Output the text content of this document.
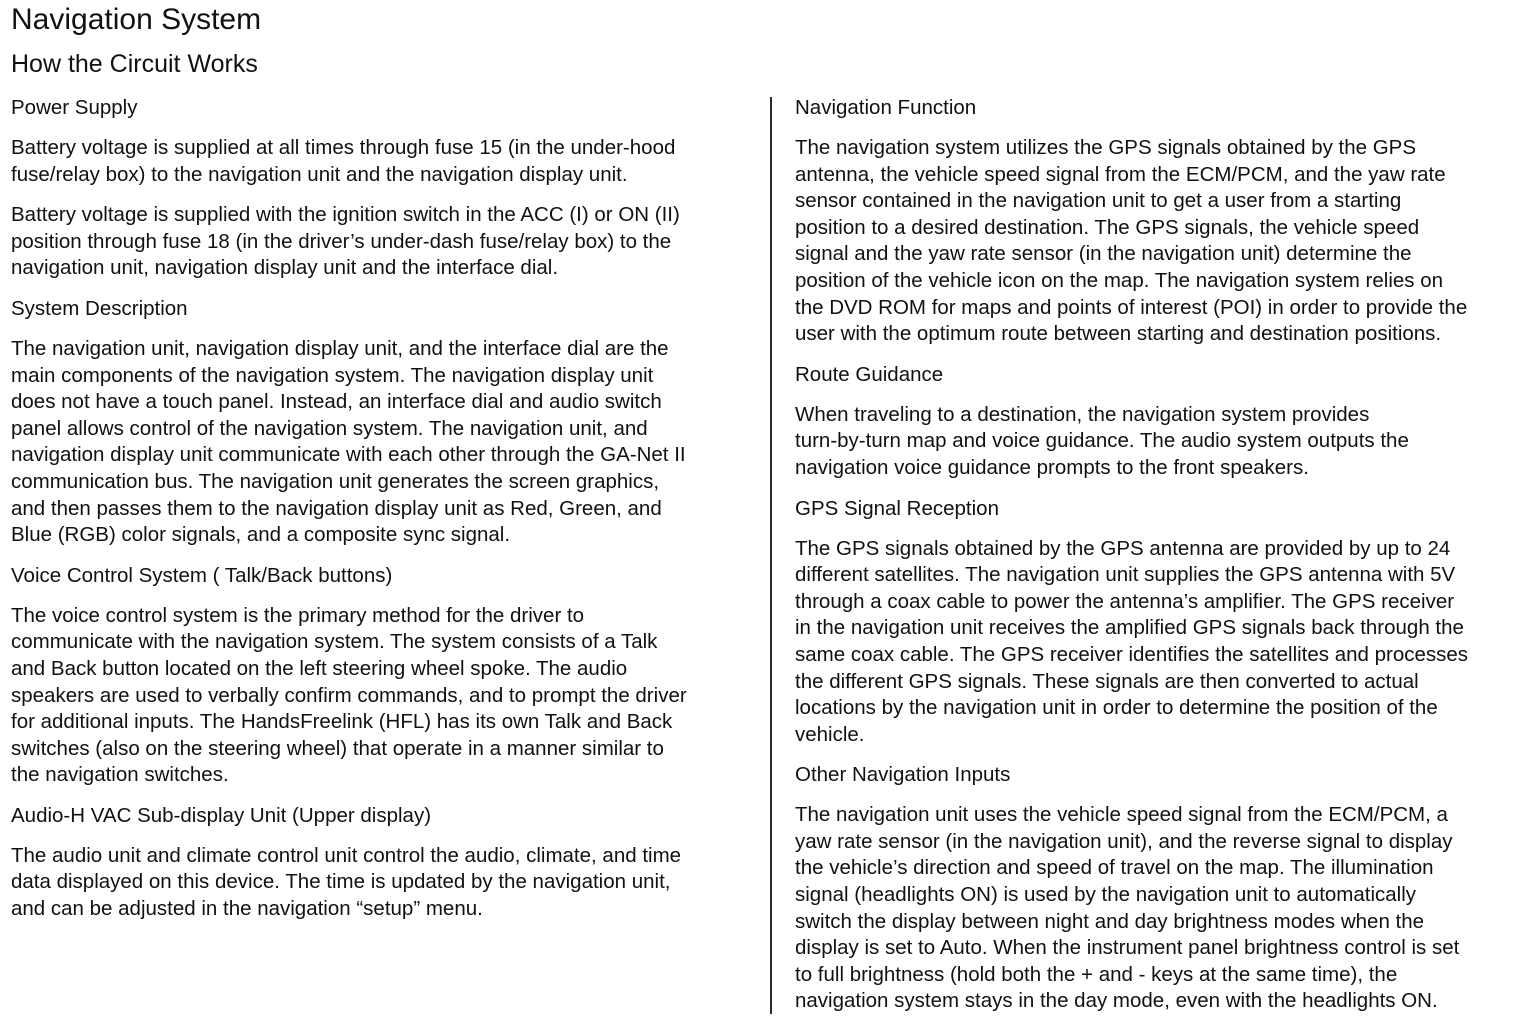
Navigation System
How the Circuit Works
Power Supply

Battery voltage is supplied at all times through fuse 15 (in the under-hood
fuse/relay box) to the navigation unit and the navigation display unit.

Battery voltage is supplied with the ignition switch in the ACC (I) or ON (II)
position through fuse 18 (in the driver’s under-dash fuse/relay box) to the
navigation unit, navigation display unit and the interface dial.

System Description

The navigation unit, navigation display unit, and the interface dial are the
main components of the navigation system. The navigation display unit
does not have a touch panel. Instead, an interface dial and audio switch
panel allows control of the navigation system. The navigation unit, and
navigation display unit communicate with each other through the GA-Net II
communication bus. The navigation unit generates the screen graphics,
and then passes them to the navigation display unit as Red, Green, and
Blue (RGB) color signals, and a composite sync signal.

Voice Control System ( Talk/Back buttons)

The voice control system is the primary method for the driver to
communicate with the navigation system. The system consists of a Talk
and Back button located on the left steering wheel spoke. The audio
speakers are used to verbally confirm commands, and to prompt the driver
for additional inputs. The HandsFreelink (HFL) has its own Talk and Back
switches (also on the steering wheel) that operate in a manner similar to
the navigation switches.

Audio-H VAC Sub-display Unit (Upper display)

The audio unit and climate control unit control the audio, climate, and time
data displayed on this device. The time is updated by the navigation unit,
and can be adjusted in the navigation “setup” menu.

Navigation Function

The navigation system utilizes the GPS signals obtained by the GPS
antenna, the vehicle speed signal from the ECM/PCM, and the yaw rate
sensor contained in the navigation unit to get a user from a starting
position to a desired destination. The GPS signals, the vehicle speed
signal and the yaw rate sensor (in the navigation unit) determine the
position of the vehicle icon on the map. The navigation system relies on
the DVD ROM for maps and points of interest (POI) in order to provide the
user with the optimum route between starting and destination positions.

Route Guidance

When traveling to a destination, the navigation system provides
turn-by-turn map and voice guidance. The audio system outputs the
navigation voice guidance prompts to the front speakers.

GPS Signal Reception

The GPS signals obtained by the GPS antenna are provided by up to 24
different satellites. The navigation unit supplies the GPS antenna with 5V
through a coax cable to power the antenna’s amplifier. The GPS receiver
in the navigation unit receives the amplified GPS signals back through the
same coax cable. The GPS receiver identifies the satellites and processes
the different GPS signals. These signals are then converted to actual
locations by the navigation unit in order to determine the position of the
vehicle.

Other Navigation Inputs

The navigation unit uses the vehicle speed signal from the ECM/PCM, a
yaw rate sensor (in the navigation unit), and the reverse signal to display
the vehicle’s direction and speed of travel on the map. The illumination
signal (headlights ON) is used by the navigation unit to automatically
switch the display between night and day brightness modes when the
display is set to Auto. When the instrument panel brightness control is set
to full brightness (hold both the + and - keys at the same time), the
navigation system stays in the day mode, even with the headlights ON.
